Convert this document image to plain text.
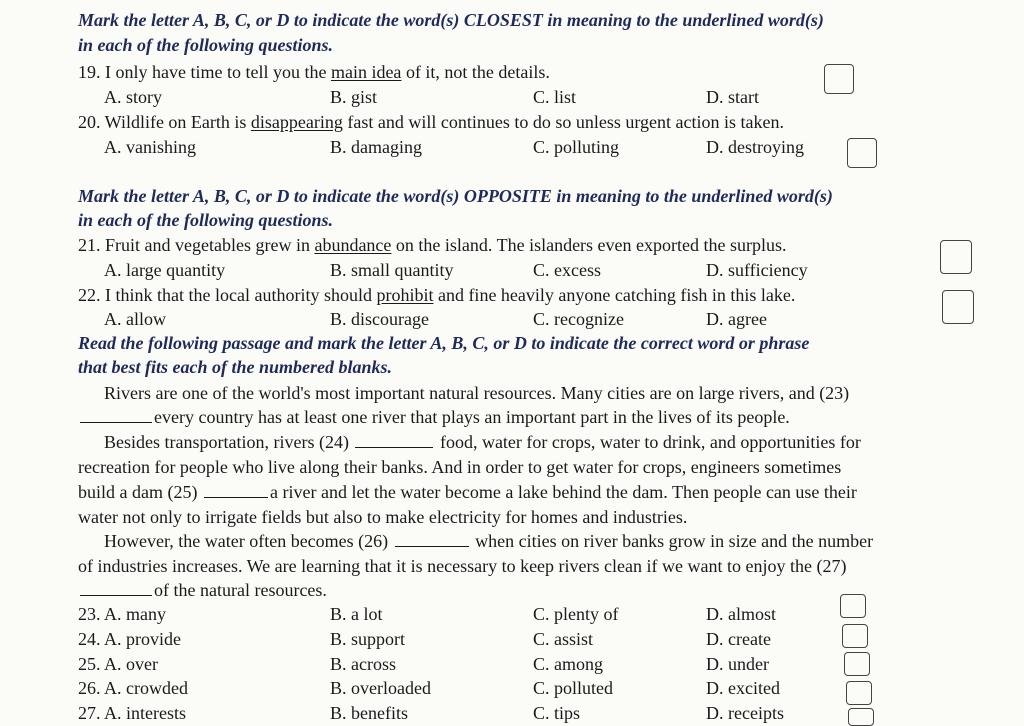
Mark the letter A, B, C, or D to indicate the word(s) CLOSEST in meaning to the underlined word(s)
in each of the following questions.
19. I only have time to tell you the main idea of it, not the details.
A. story	B. gist	C. list	D. start
20. Wildlife on Earth is disappearing fast and will continues to do so unless urgent action is taken.
A. vanishing	B. damaging	C. polluting	D. destroying
Mark the letter A, B, C, or D to indicate the word(s) OPPOSITE in meaning to the underlined word(s)
in each of the following questions.
21. Fruit and vegetables grew in abundance on the island. The islanders even exported the surplus.
A. large quantity	B. small quantity	C. excess	D. sufficiency
22. I think that the local authority should prohibit and fine heavily anyone catching fish in this lake.
A. allow	B. discourage	C. recognize	D. agree
Read the following passage and mark the letter A, B, C, or D to indicate the correct word or phrase
that best fits each of the numbered blanks.
Rivers are one of the world's most important natural resources. Many cities are on large rivers, and (23)
every country has at least one river that plays an important part in the lives of its people.
Besides transportation, rivers (24)	food, water for crops, water to drink, and opportunities for
recreation for people who live along their banks. And in order to get water for crops, engineers sometimes
build a dam (25)	a river and let the water become a lake behind the dam. Then people can use their
water not only to irrigate fields but also to make electricity for homes and industries.
However, the water often becomes (26)	when cities on river banks grow in size and the number
of industries increases. We are learning that it is necessary to keep rivers clean if we want to enjoy the (27)
of the natural resources.
23. A. many	B. a lot	C. plenty of	D. almost
24. A. provide	B. support	C. assist	D. create
25. A. over	B. across	C. among	D. under
26. A. crowded	B. overloaded	C. polluted	D. excited
27. A. interests	B. benefits	C. tips	D. receipts
